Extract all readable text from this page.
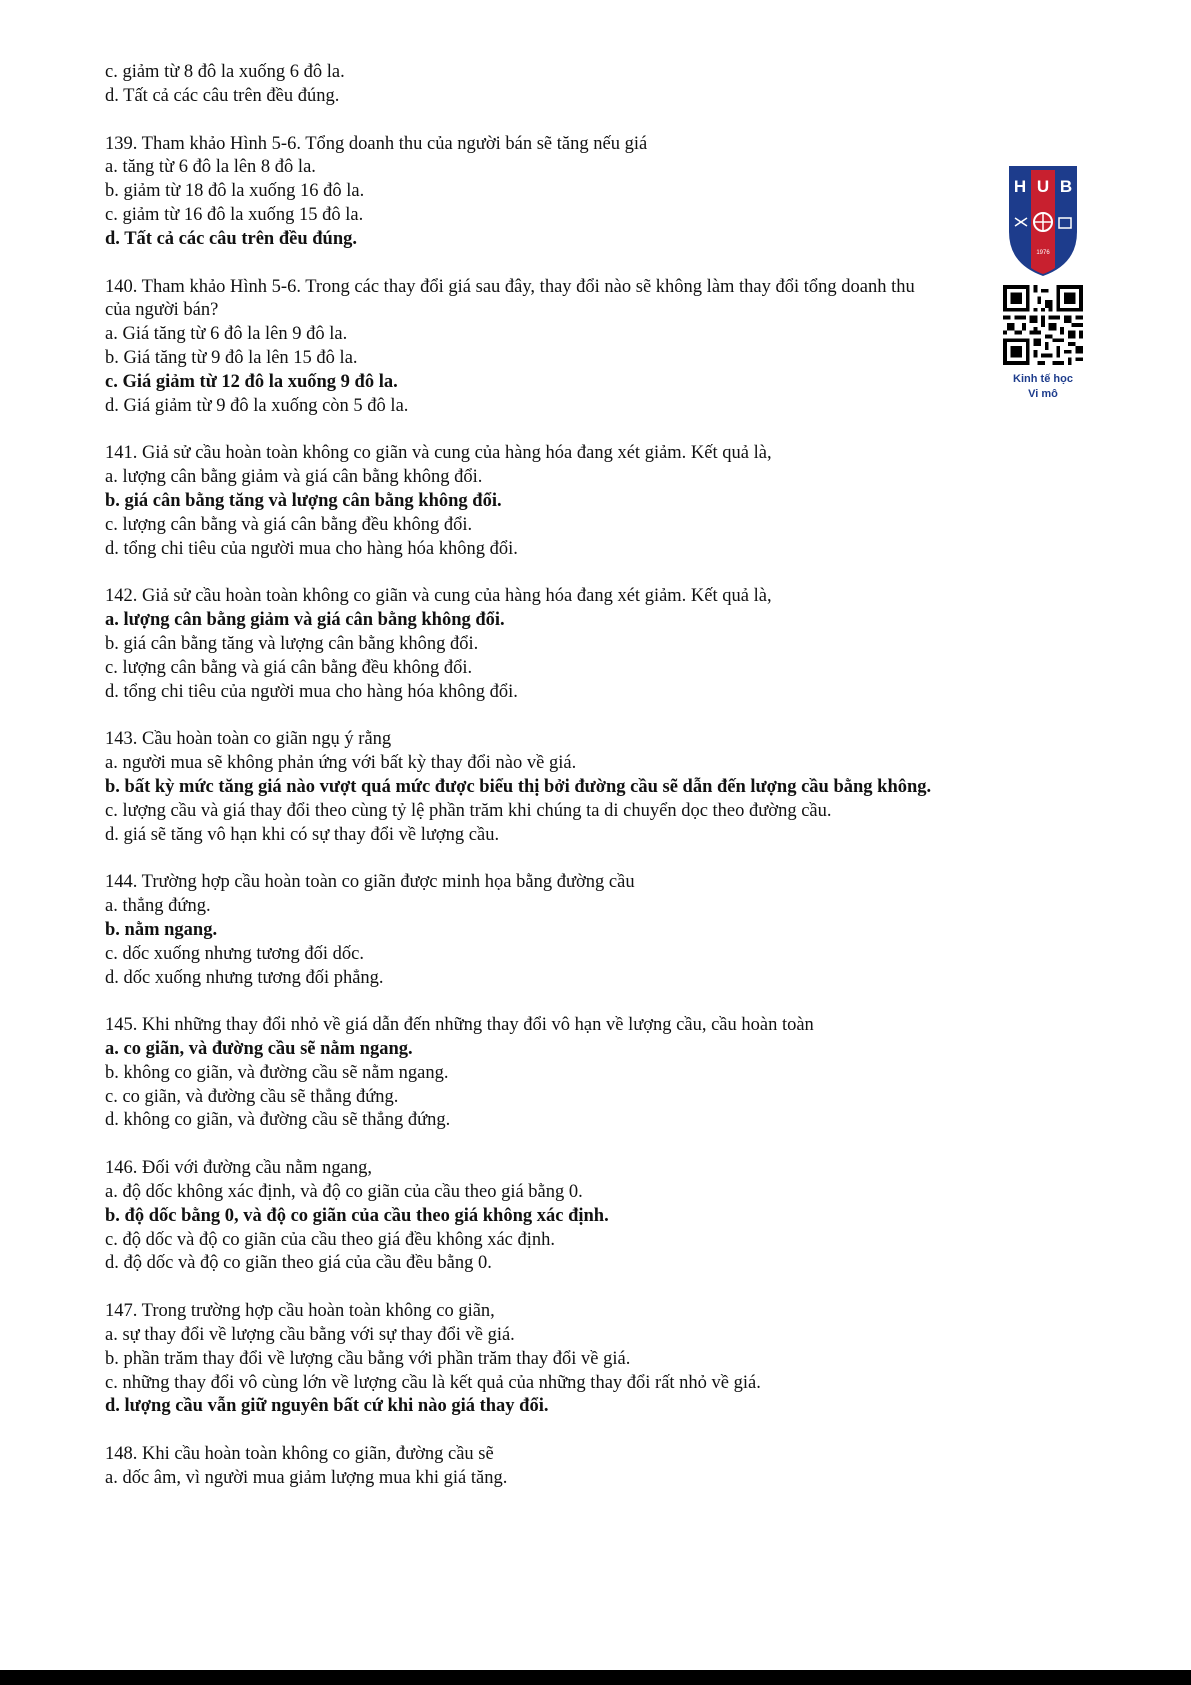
c. giảm từ 8 đô la xuống 6 đô la.
d. Tất cả các câu trên đều đúng.
139. Tham khảo Hình 5-6. Tổng doanh thu của người bán sẽ tăng nếu giá
a. tăng từ 6 đô la lên 8 đô la.
b. giảm từ 18 đô la xuống 16 đô la.
c. giảm từ 16 đô la xuống 15 đô la.
d. Tất cả các câu trên đều đúng.
140. Tham khảo Hình 5-6. Trong các thay đổi giá sau đây, thay đổi nào sẽ không làm thay đổi tổng doanh thu của người bán?
a. Giá tăng từ 6 đô la lên 9 đô la.
b. Giá tăng từ 9 đô la lên 15 đô la.
c. Giá giảm từ 12 đô la xuống 9 đô la.
d. Giá giảm từ 9 đô la xuống còn 5 đô la.
141. Giả sử cầu hoàn toàn không co giãn và cung của hàng hóa đang xét giảm. Kết quả là,
a. lượng cân bằng giảm và giá cân bằng không đổi.
b. giá cân bằng tăng và lượng cân bằng không đổi.
c. lượng cân bằng và giá cân bằng đều không đổi.
d. tổng chi tiêu của người mua cho hàng hóa không đổi.
142. Giả sử cầu hoàn toàn không co giãn và cung của hàng hóa đang xét giảm. Kết quả là,
a. lượng cân bằng giảm và giá cân bằng không đổi.
b. giá cân bằng tăng và lượng cân bằng không đổi.
c. lượng cân bằng và giá cân bằng đều không đổi.
d. tổng chi tiêu của người mua cho hàng hóa không đổi.
143. Cầu hoàn toàn co giãn ngụ ý rằng
a. người mua sẽ không phản ứng với bất kỳ thay đổi nào về giá.
b. bất kỳ mức tăng giá nào vượt quá mức được biểu thị bởi đường cầu sẽ dẫn đến lượng cầu bằng không.
c. lượng cầu và giá thay đổi theo cùng tỷ lệ phần trăm khi chúng ta di chuyển dọc theo đường cầu.
d. giá sẽ tăng vô hạn khi có sự thay đổi về lượng cầu.
144. Trường hợp cầu hoàn toàn co giãn được minh họa bằng đường cầu
a. thẳng đứng.
b. nằm ngang.
c. dốc xuống nhưng tương đối dốc.
d. dốc xuống nhưng tương đối phẳng.
145. Khi những thay đổi nhỏ về giá dẫn đến những thay đổi vô hạn về lượng cầu, cầu hoàn toàn
a. co giãn, và đường cầu sẽ nằm ngang.
b. không co giãn, và đường cầu sẽ nằm ngang.
c. co giãn, và đường cầu sẽ thẳng đứng.
d. không co giãn, và đường cầu sẽ thẳng đứng.
146. Đối với đường cầu nằm ngang,
a. độ dốc không xác định, và độ co giãn của cầu theo giá bằng 0.
b. độ dốc bằng 0, và độ co giãn của cầu theo giá không xác định.
c. độ dốc và độ co giãn của cầu theo giá đều không xác định.
d. độ dốc và độ co giãn theo giá của cầu đều bằng 0.
147. Trong trường hợp cầu hoàn toàn không co giãn,
a. sự thay đổi về lượng cầu bằng với sự thay đổi về giá.
b. phần trăm thay đổi về lượng cầu bằng với phần trăm thay đổi về giá.
c. những thay đổi vô cùng lớn về lượng cầu là kết quả của những thay đổi rất nhỏ về giá.
d. lượng cầu vẫn giữ nguyên bất cứ khi nào giá thay đổi.
148. Khi cầu hoàn toàn không co giãn, đường cầu sẽ
a. dốc âm, vì người mua giảm lượng mua khi giá tăng.
H U B
1976
Kinh tế học
Vi mô
